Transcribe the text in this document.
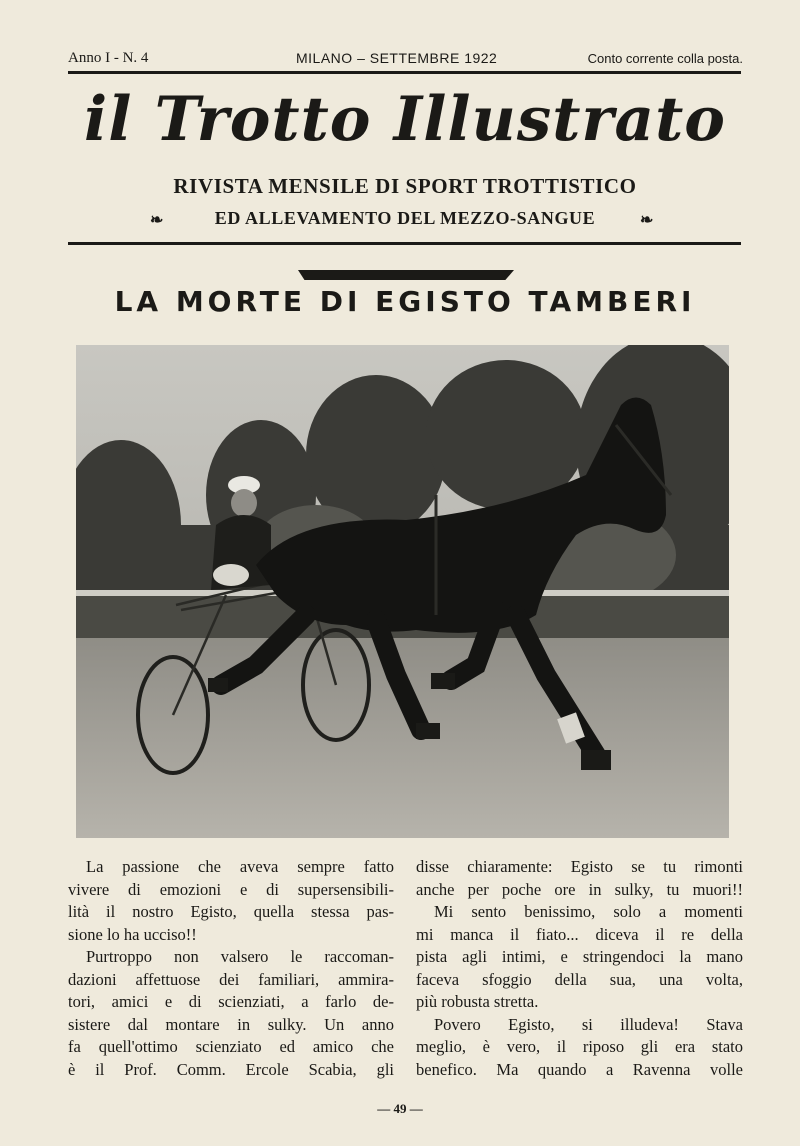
Anno I - N. 4	MILANO – SETTEMBRE 1922	Conto corrente colla posta.
il Trotto Illustrato
RIVISTA MENSILE DI SPORT TROTTISTICO
❧	ED ALLEVAMENTO DEL MEZZO-SANGUE	❧
LA MORTE DI EGISTO TAMBERI
La passione che aveva sempre fatto
vivere di emozioni e di supersensibili-
lità il nostro Egisto, quella stessa pas-
sione lo ha ucciso!!
Purtroppo non valsero le raccoman-
dazioni affettuose dei familiari, ammira-
tori, amici e di scienziati, a farlo de-
sistere dal montare in sulky. Un anno
fa quell'ottimo scienziato ed amico che
è il Prof. Comm. Ercole Scabia, gli
disse chiaramente: Egisto se tu rimonti
anche per poche ore in sulky, tu muori!!
Mi sento benissimo, solo a momenti
mi manca il fiato... diceva il re della
pista agli intimi, e stringendoci la mano
faceva sfoggio della sua, una volta,
più robusta stretta.
Povero Egisto, si illudeva! Stava
meglio, è vero, il riposo gli era stato
benefico. Ma quando a Ravenna volle
— 49 —
